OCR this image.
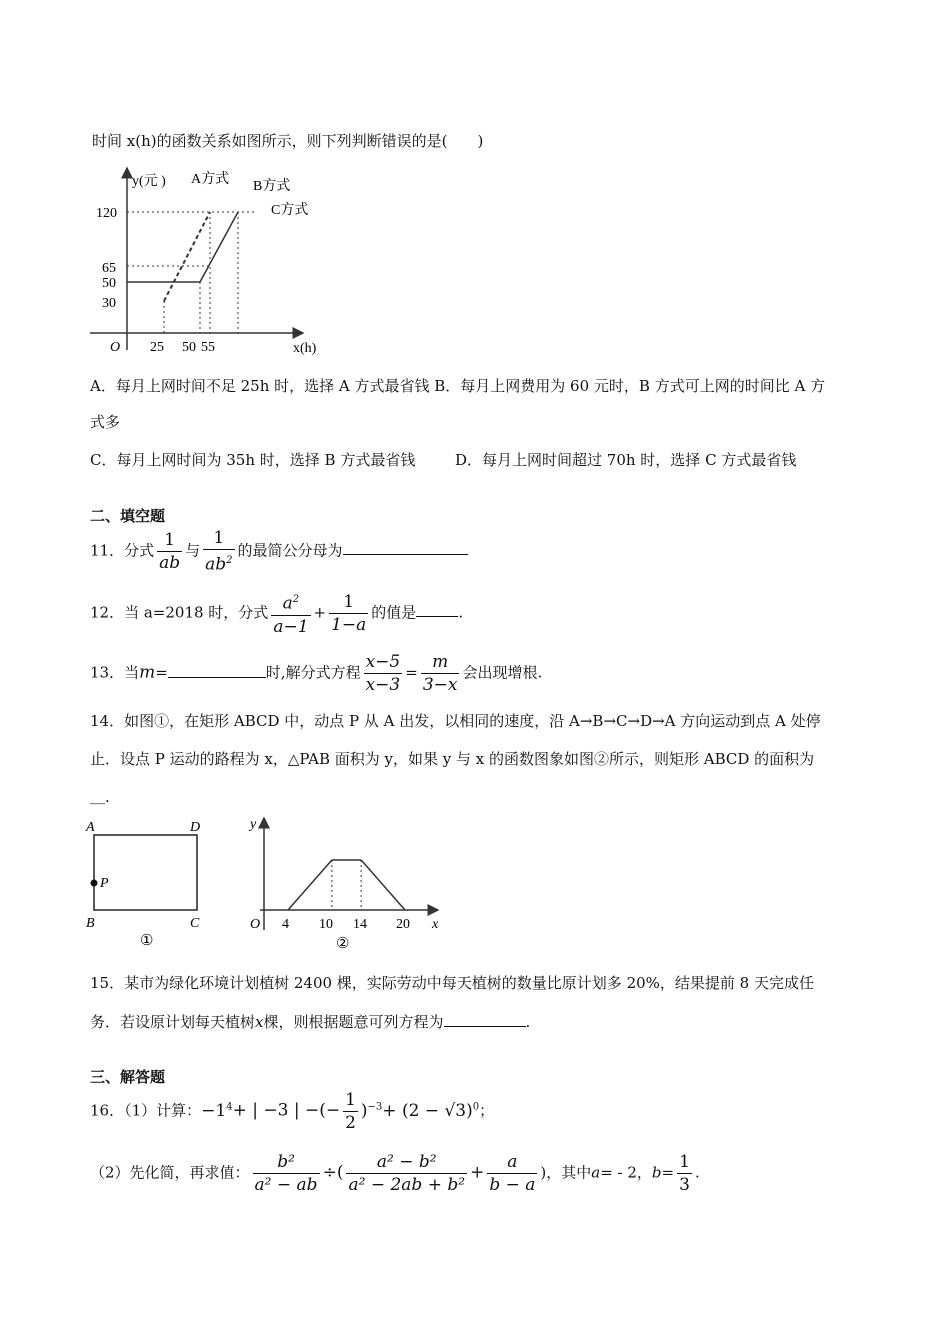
时间 x(h)的函数关系如图所示，则下列判断错误的是(　　)
y(元 )
x(h)
O
A方式 B方式
C方式
120
65
50
30
25 50 55
A．每月上网时间不足 25h 时，选择 A 方式最省钱 B．每月上网费用为 60 元时，B 方式可上网的时间比 A 方
式多
C．每月上网时间为 35h 时，选择 B 方式最省钱	D．每月上网时间超过 70h 时，选择 C 方式最省钱
二、填空题
11．分式 $\frac{1}{ab}$ 与 $\frac{1}{ab^2}$ 的最简公分母为
12．当 a=2018 时，分式 $\frac{a^2}{a-1} + \frac{1}{1-a}$ 的值是	.
13．当m=	时,解分式方程 $\frac{x-5}{x-3} = \frac{m}{3-x}$ 会出现增根.
14．如图①，在矩形 ABCD 中，动点 P 从 A 出发，以相同的速度，沿 A→B→C→D→A 方向运动到点 A 处停
止．设点 P 运动的路程为 x，△PAB 面积为 y，如果 y 与 x 的函数图象如图②所示，则矩形 ABCD 的面积为
＿.
A	D
P
B	C
①
y
x
O 4 10 14 20
②
15．某市为绿化环境计划植树 2400 棵，实际劳动中每天植树的数量比原计划多 20%，结果提前 8 天完成任
务．若设原计划每天植树x棵，则根据题意可列方程为	.
三、解答题
16．（1）计算：$-1^4+$ | −3 | −(− $\frac{1}{2} )^{-3}+ (2 - √3)^0$；
（2）先化简，再求值： $\frac{\text{b²}}{\text{a² − ab}}$ ÷( $\frac{\text{a² − b²}}{\text{a² − 2ab + b²}} + \frac{a}{b - a}$ )，其中a= - 2，$b= \frac{1}{3}$ .
